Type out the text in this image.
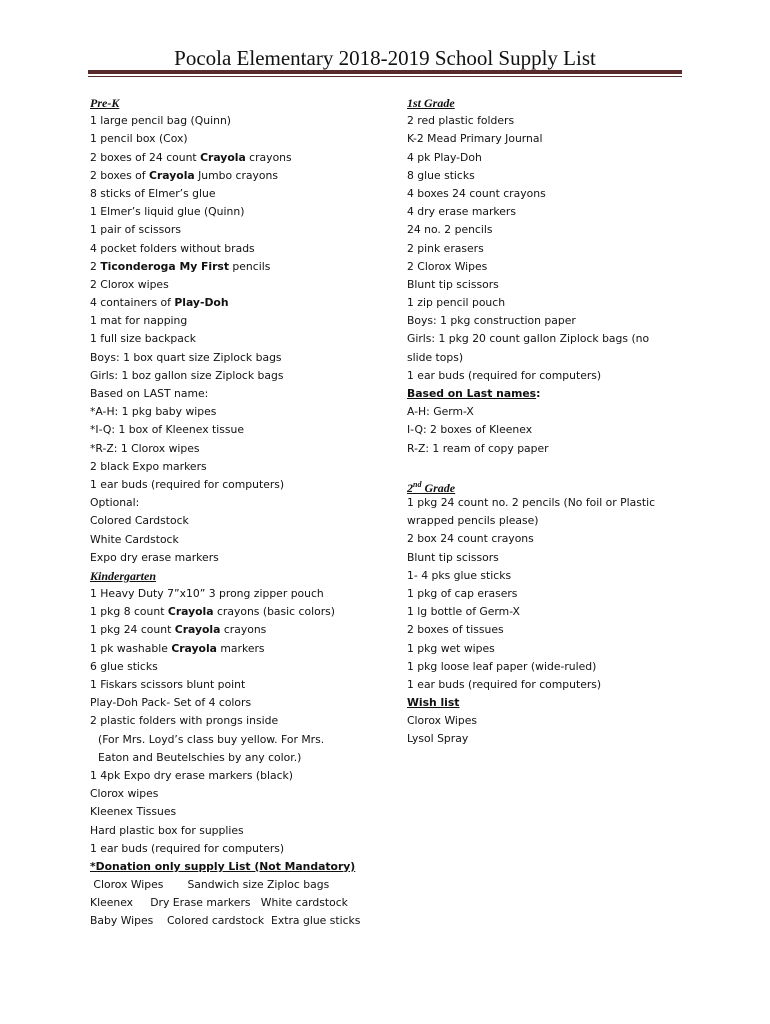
Pocola Elementary 2018-2019 School Supply List
Pre-K
1 large pencil bag (Quinn)
1 pencil box (Cox)
2 boxes of 24 count Crayola crayons
2 boxes of Crayola Jumbo crayons
8 sticks of Elmer’s glue
1 Elmer’s liquid glue (Quinn)
1 pair of scissors
4 pocket folders without brads
2 Ticonderoga My First pencils
2 Clorox wipes
4 containers of Play-Doh
1 mat for napping
1 full size backpack
Boys: 1 box quart size Ziplock bags
Girls: 1 boz gallon size Ziplock bags
Based on LAST name:
*A-H: 1 pkg baby wipes
*I-Q: 1 box of Kleenex tissue
*R-Z: 1 Clorox wipes
2 black Expo markers
1 ear buds (required for computers)
Optional:
Colored Cardstock
White Cardstock
Expo dry erase markers
Kindergarten
1 Heavy Duty 7”x10” 3 prong zipper pouch
1 pkg 8 count Crayola crayons (basic colors)
1 pkg 24 count Crayola crayons
1 pk washable Crayola markers
6 glue sticks
1 Fiskars scissors blunt point
Play-Doh Pack- Set of 4 colors
2 plastic folders with prongs inside
(For Mrs. Loyd’s class buy yellow. For Mrs. Eaton and Beutelschies by any color.)
1 4pk Expo dry erase markers (black)
Clorox wipes
Kleenex Tissues
Hard plastic box for supplies
1 ear buds (required for computers)
*Donation only supply List (Not Mandatory)
Clorox Wipes       Sandwich size Ziploc bags
Kleenex     Dry Erase markers   White cardstock
Baby Wipes    Colored cardstock  Extra glue sticks
1st Grade
2 red plastic folders
K-2 Mead Primary Journal
4 pk Play-Doh
8 glue sticks
4 boxes 24 count crayons
4 dry erase markers
24 no. 2 pencils
2 pink erasers
2 Clorox Wipes
Blunt tip scissors
1 zip pencil pouch
Boys: 1 pkg construction paper
Girls: 1 pkg 20 count gallon Ziplock bags (no slide tops)
1 ear buds (required for computers)
Based on Last names:
A-H: Germ-X
I-Q: 2 boxes of Kleenex
R-Z: 1 ream of copy paper
2nd Grade
1 pkg 24 count no. 2 pencils (No foil or Plastic wrapped pencils please)
2 box 24 count crayons
Blunt tip scissors
1- 4 pks glue sticks
1 pkg of cap erasers
1 lg bottle of Germ-X
2 boxes of tissues
1 pkg wet wipes
1 pkg loose leaf paper (wide-ruled)
1 ear buds (required for computers)
Wish list
Clorox Wipes
Lysol Spray
